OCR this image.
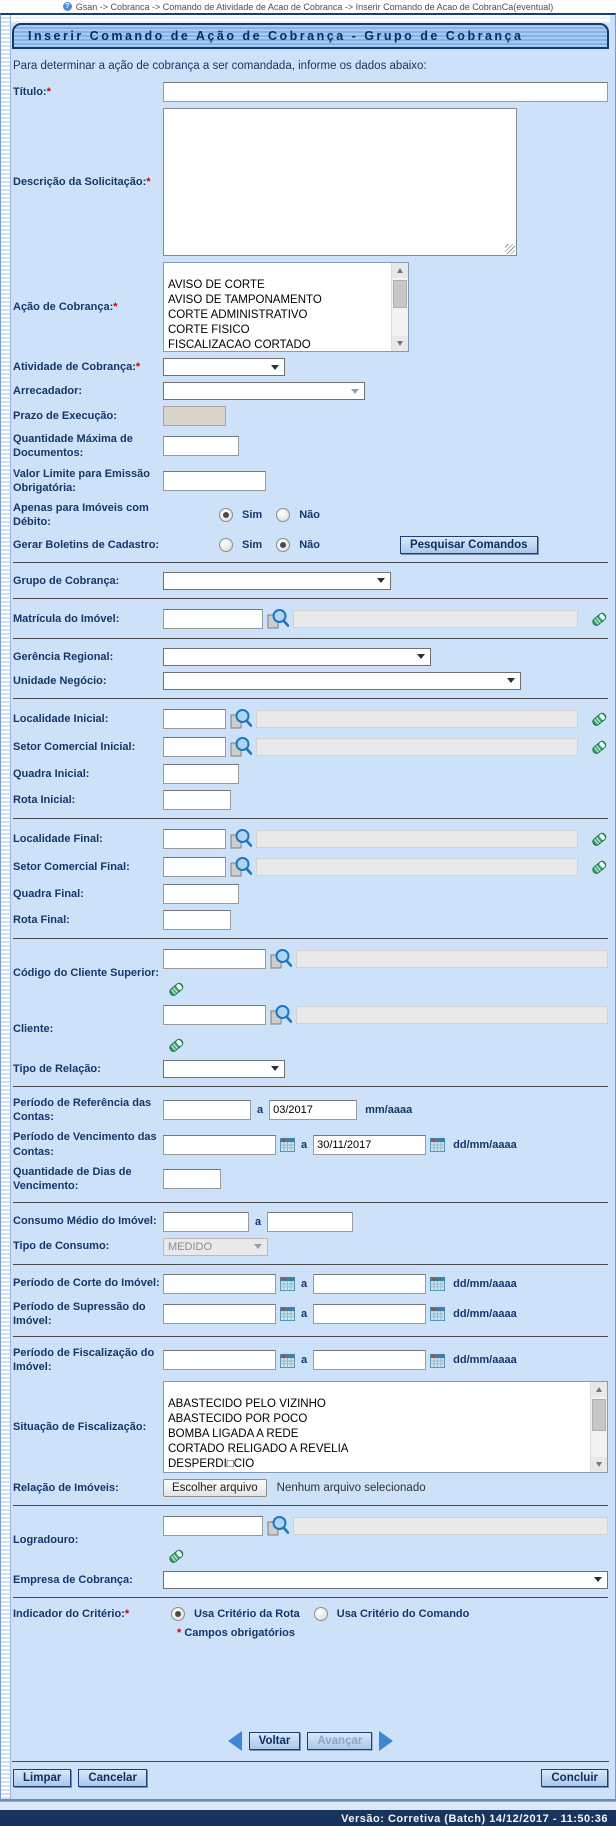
? Gsan -> Cobranca -> Comando de Atividade de Acao de Cobranca -> Inserir Comando de Acao de CobranCa(eventual)
Inserir Comando de Ação de Cobrança - Grupo de Cobrança
Para determinar a ação de cobrança a ser comandada, informe os dados abaixo:
Título:*
Descrição da Solicitação:*
Ação de Cobrança:*
AVISO DE CORTE
AVISO DE TAMPONAMENTO
CORTE ADMINISTRATIVO
CORTE FISICO
FISCALIZACAO CORTADO
Atividade de Cobrança:*
Arrecadador:
Prazo de Execução:
Quantidade Máxima de Documentos:
Valor Limite para Emissão Obrigatória:
Apenas para Imóveis com Débito:
Sim	Não
Gerar Boletins de Cadastro:	Sim	Não	Pesquisar Comandos
Grupo de Cobrança:
Matrícula do Imóvel:
Gerência Regional:
Unidade Negócio:
Localidade Inicial:
Setor Comercial Inicial:
Quadra Inicial:
Rota Inicial:
Localidade Final:
Setor Comercial Final:
Quadra Final:
Rota Final:
Código do Cliente Superior:
Cliente:
Tipo de Relação:
Período de Referência das Contas:
a 03/2017	mm/aaaa
Período de Vencimento das Contas:
a 30/11/2017	dd/mm/aaaa
Quantidade de Dias de Vencimento:
Consumo Médio do Imóvel:	a
Tipo de Consumo:	MEDIDO
Período de Corte do Imóvel:	a	dd/mm/aaaa
Período de Supressão do Imóvel:
a	dd/mm/aaaa
Período de Fiscalização do Imóvel:
a	dd/mm/aaaa
Situação de Fiscalização:
ABASTECIDO PELO VIZINHO
ABASTECIDO POR POCO
BOMBA LIGADA A REDE
CORTADO RELIGADO A REVELIA
DESPERDI□CIO
Relação de Imóveis:	Escolher arquivo	Nenhum arquivo selecionado
Logradouro:
Empresa de Cobrança:
Indicador do Critério:*	Usa Critério da Rota	Usa Critério do Comando
* Campos obrigatórios
Voltar	Avançar
Limpar	Cancelar	Concluir
Versão: Corretiva (Batch) 14/12/2017 - 11:50:36
